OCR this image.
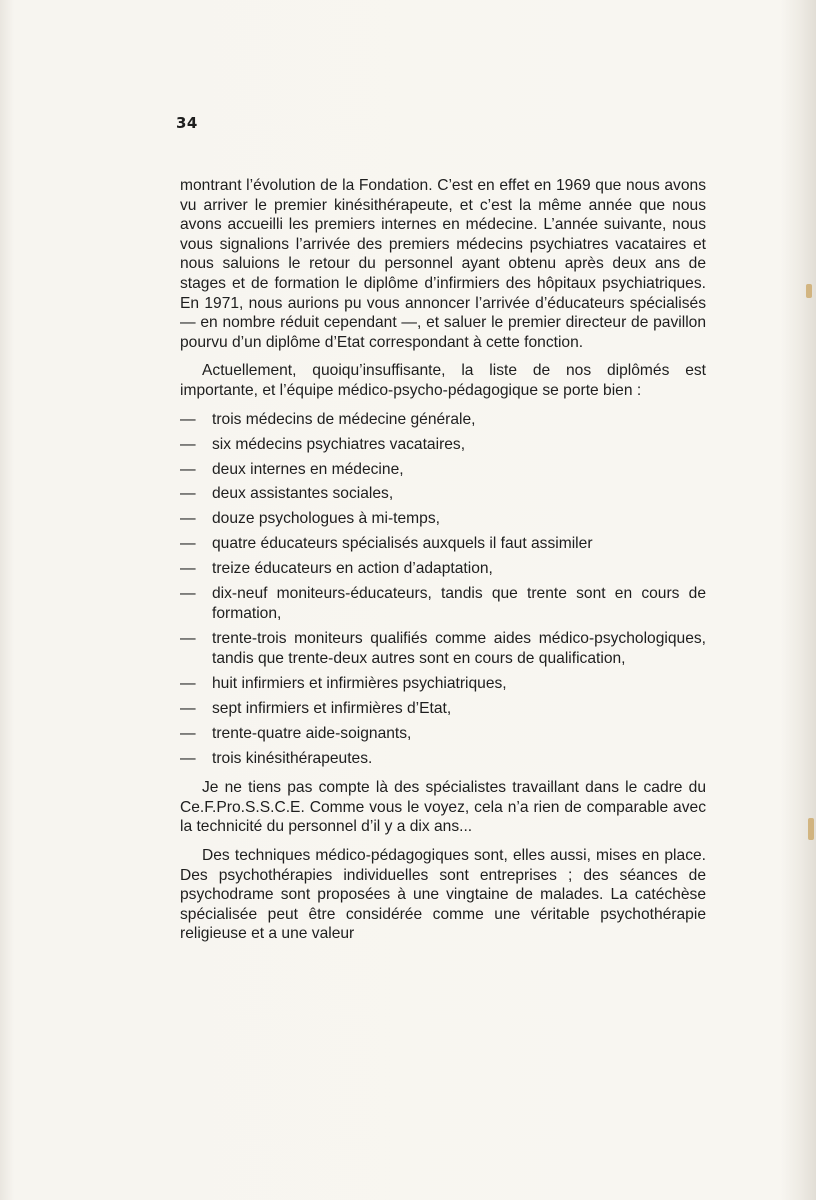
34

montrant l’évolution de la Fondation. C’est en effet en 1969 que nous avons vu arriver le premier kinésithérapeute, et c’est la même année que nous avons accueilli les premiers internes en médecine. L’année suivante, nous vous signalions l’arrivée des premiers médecins psychiatres vacataires et nous saluions le retour du personnel ayant obtenu après deux ans de stages et de formation le diplôme d’infirmiers des hôpitaux psychiatriques. En 1971, nous aurions pu vous annoncer l’arrivée d’éducateurs spécialisés — en nombre réduit cependant —, et saluer le premier directeur de pavillon pourvu d’un diplôme d’Etat correspondant à cette fonction.

Actuellement, quoiqu’insuffisante, la liste de nos diplômés est importante, et l’équipe médico-psycho-pédagogique se porte bien :

—	trois médecins de médecine générale,
—	six médecins psychiatres vacataires,
—	deux internes en médecine,
—	deux assistantes sociales,
—	douze psychologues à mi-temps,
—	quatre éducateurs spécialisés auxquels il faut assimiler
—	treize éducateurs en action d’adaptation,
—	dix-neuf moniteurs-éducateurs, tandis que trente sont en cours de formation,
—	trente-trois moniteurs qualifiés comme aides médico-psychologiques, tandis que trente-deux autres sont en cours de qualification,
—	huit infirmiers et infirmières psychiatriques,
—	sept infirmiers et infirmières d’Etat,
—	trente-quatre aide-soignants,
—	trois kinésithérapeutes.

Je ne tiens pas compte là des spécialistes travaillant dans le cadre du Ce.F.Pro.S.S.C.E. Comme vous le voyez, cela n’a rien de comparable avec la technicité du personnel d’il y a dix ans...

Des techniques médico-pédagogiques sont, elles aussi, mises en place. Des psychothérapies individuelles sont entreprises ; des séances de psychodrame sont proposées à une vingtaine de malades. La catéchèse spécialisée peut être considérée comme une véritable psychothérapie religieuse et a une valeur
